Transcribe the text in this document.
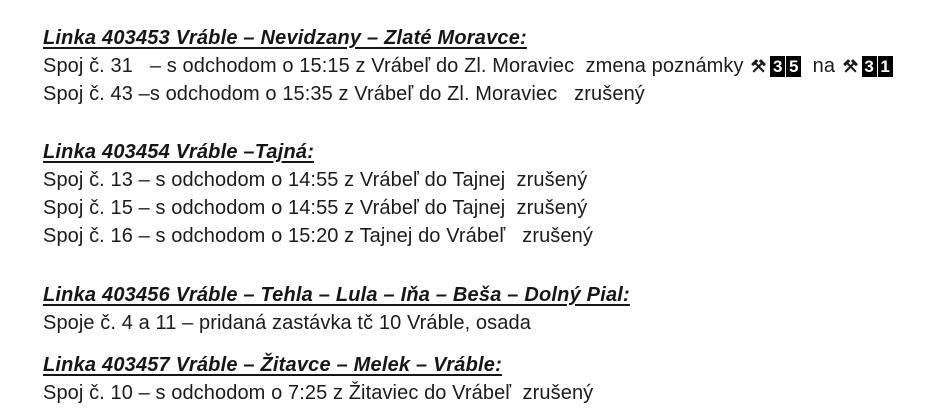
Linka 403453 Vráble – Nevidzany – Zlaté Moravce:

Spoj č. 31   – s odchodom o 15:15 z Vrábeľ do Zl. Moraviec  zmena poznámky 3 5 na 3 1

Spoj č. 43 –s odchodom o 15:35 z Vrábeľ do Zl. Moraviec   zrušený

Linka 403454 Vráble –Tajná:

Spoj č. 13 – s odchodom o 14:55 z Vrábeľ do Tajnej  zrušený

Spoj č. 15 – s odchodom o 14:55 z Vrábeľ do Tajnej  zrušený

Spoj č. 16 – s odchodom o 15:20 z Tajnej do Vrábeľ   zrušený

Linka 403456 Vráble – Tehla – Lula – Iňa – Beša – Dolný Pial:

Spoje č. 4 a 11 – pridaná zastávka tč 10 Vráble, osada

Linka 403457 Vráble – Žitavce – Melek – Vráble:

Spoj č. 10 – s odchodom o 7:25 z Žitaviec do Vrábeľ  zrušený
